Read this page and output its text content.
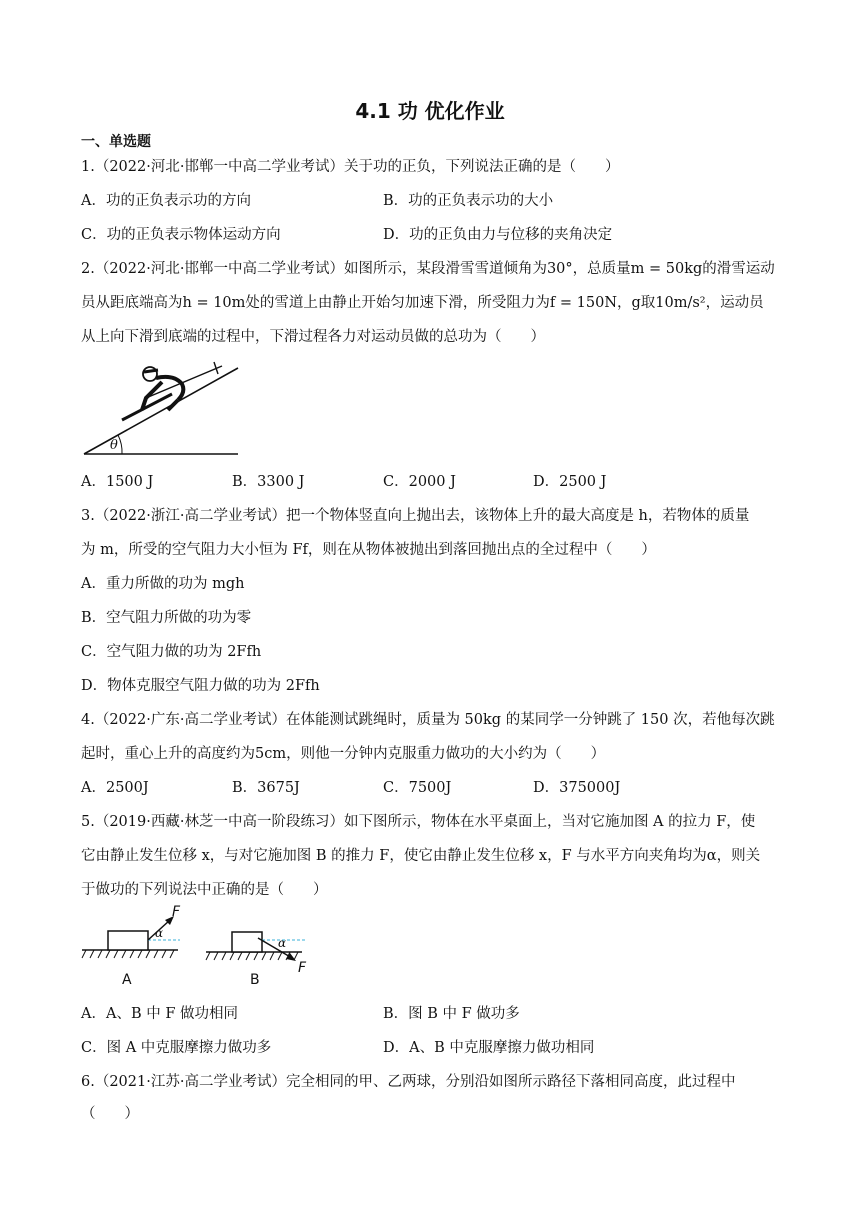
4.1 功 优化作业
一、单选题
1.（2022·河北·邯郸一中高二学业考试）关于功的正负，下列说法正确的是（　　）
A．功的正负表示功的方向	B．功的正负表示功的大小
C．功的正负表示物体运动方向	D．功的正负由力与位移的夹角决定
2.（2022·河北·邯郸一中高二学业考试）如图所示，某段滑雪雪道倾角为30°，总质量m = 50kg的滑雪运动
员从距底端高为h = 10m处的雪道上由静止开始匀加速下滑，所受阻力为f = 150N，g取10m/s²，运动员
从上向下滑到底端的过程中，下滑过程各力对运动员做的总功为（　　）
θ
A．1500 J	B．3300 J	C．2000 J	D．2500 J
3.（2022·浙江·高二学业考试）把一个物体竖直向上抛出去，该物体上升的最大高度是 h，若物体的质量
为 m，所受的空气阻力大小恒为 Ff，则在从物体被抛出到落回抛出点的全过程中（　　）
A．重力所做的功为 mgh
B．空气阻力所做的功为零
C．空气阻力做的功为 2Ffh
D．物体克服空气阻力做的功为 2Ffh
4.（2022·广东·高二学业考试）在体能测试跳绳时，质量为 50kg 的某同学一分钟跳了 150 次，若他每次跳
起时，重心上升的高度约为5cm，则他一分钟内克服重力做功的大小约为（　　）
A．2500J	B．3675J	C．7500J	D．375000J
5.（2019·西藏·林芝一中高一阶段练习）如下图所示，物体在水平桌面上，当对它施加图 A 的拉力 F，使
它由静止发生位移 x，与对它施加图 B 的推力 F，使它由静止发生位移 x，F 与水平方向夹角均为α，则关
于做功的下列说法中正确的是（　　）
F
α
A
α
F
B
A．A、B 中 F 做功相同	B．图 B 中 F 做功多
C．图 A 中克服摩擦力做功多	D．A、B 中克服摩擦力做功相同
6.（2021·江苏·高二学业考试）完全相同的甲、乙两球，分别沿如图所示路径下落相同高度，此过程中
（　　）
